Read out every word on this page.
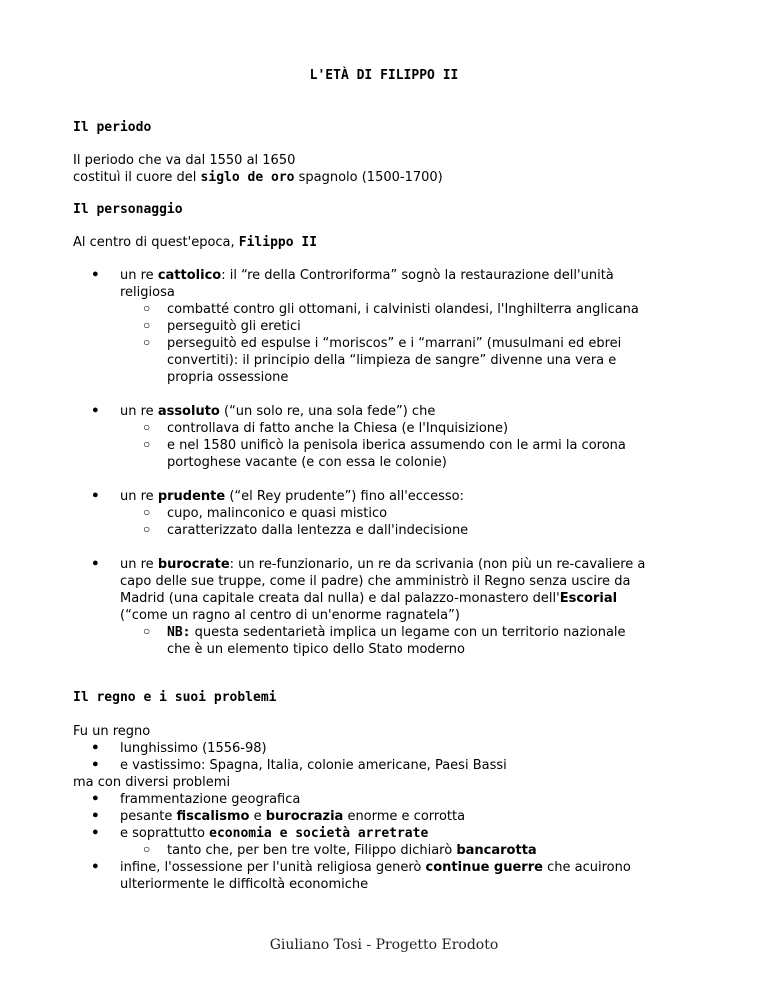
L'ETÀ DI FILIPPO II
Il periodo
Il periodo che va dal 1550 al 1650
costituì il cuore del siglo de oro spagnolo (1500-1700)
Il personaggio
Al centro di quest'epoca, Filippo II
● un re cattolico: il “re della Controriforma” sognò la restaurazione dell'unità
religiosa
○ combatté contro gli ottomani, i calvinisti olandesi, l'Inghilterra anglicana
○ perseguitò gli eretici
○ perseguitò ed espulse i “moriscos” e i “marrani” (musulmani ed ebrei
convertiti): il principio della “limpieza de sangre” divenne una vera e
propria ossessione
● un re assoluto (“un solo re, una sola fede”) che
○ controllava di fatto anche la Chiesa (e l'Inquisizione)
○ e nel 1580 unificò la penisola iberica assumendo con le armi la corona
portoghese vacante (e con essa le colonie)
● un re prudente (“el Rey prudente”) fino all'eccesso:
○ cupo, malinconico e quasi mistico
○ caratterizzato dalla lentezza e dall'indecisione
● un re burocrate: un re-funzionario, un re da scrivania (non più un re-cavaliere a
capo delle sue truppe, come il padre) che amministrò il Regno senza uscire da
Madrid (una capitale creata dal nulla) e dal palazzo-monastero dell'Escorial
(“come un ragno al centro di un'enorme ragnatela”)
○ NB: questa sedentarietà implica un legame con un territorio nazionale
che è un elemento tipico dello Stato moderno
Il regno e i suoi problemi
Fu un regno
● lunghissimo (1556-98)
● e vastissimo: Spagna, Italia, colonie americane, Paesi Bassi
ma con diversi problemi
● frammentazione geografica
● pesante fiscalismo e burocrazia enorme e corrotta
● e soprattutto economia e società arretrate
○ tanto che, per ben tre volte, Filippo dichiarò bancarotta
● infine, l'ossessione per l'unità religiosa generò continue guerre che acuirono
ulteriormente le difficoltà economiche
Giuliano Tosi - Progetto Erodoto
